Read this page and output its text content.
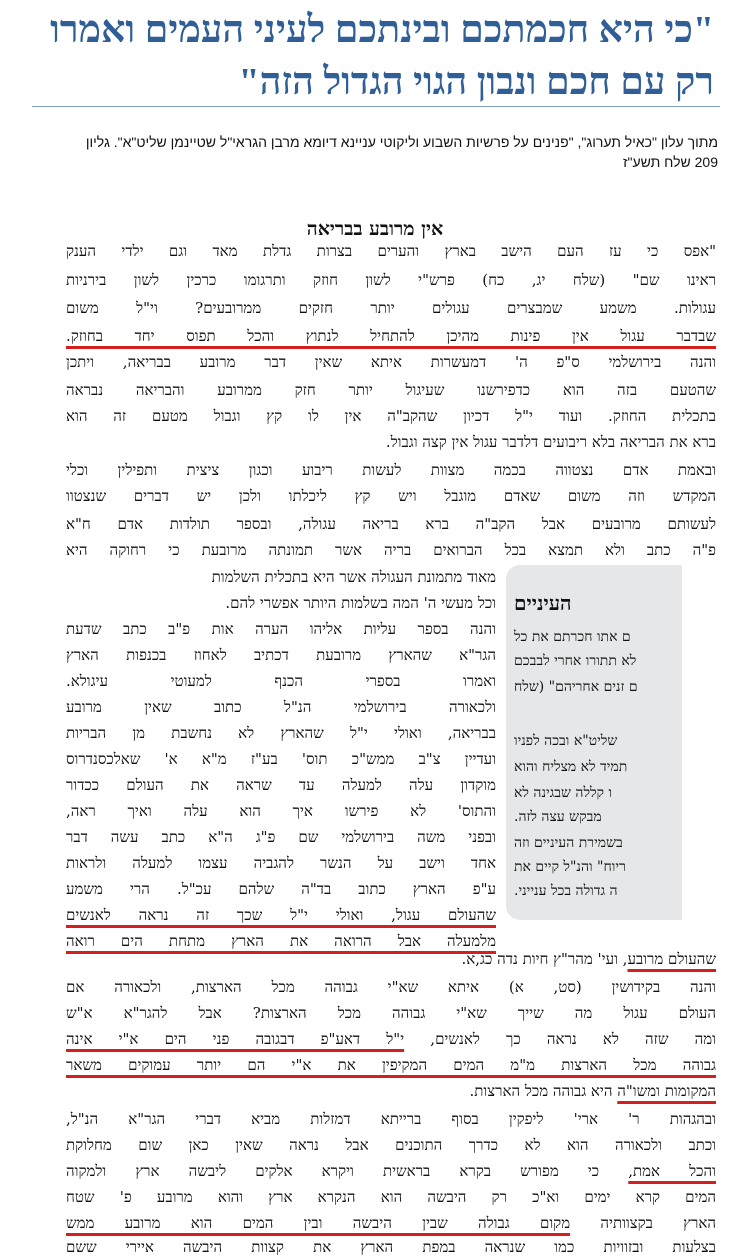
"כי היא חכמתכם ובינתכם לעיני העמים ואמרו
רק עם חכם ונבון הגוי הגדול הזה"
מתוך עלון "כאיל תערוג", "פנינים על פרשיות השבוע וליקוטי עניינא דיומא מרבן הגראי"ל שטיינמן שליט"א". גליון
209 שלח תשע"ז
אין מרובע בבריאה
העיניים
ם אתו חכרתם את כל
לא תתורו אחרי לבבכם
ם זנים אחריהם" (שלח
שליט"א ובכה לפניו
תמיד לא מצליח והוא
ו קללה שבגינה לא
מבקש עצה לזה.
בשמירת העיניים וזה
ריוח" והנ"ל קיים את
ה גדולה בכל ענייני.
"אפס כי עז העם הישב בארץ והערים בצרות גדלת מאד וגם ילדי הענק
ראינו שם" (שלח יג, כח) פרש"י לשון חוזק ותרגומו כרכין לשון בירניות
עגולות. משמע שמבצרים עגולים יותר חזקים ממרובעים? וי"ל משום
שבדבר עגול אין פינות מהיכן להתחיל לנתוץ והכל תפוס יחד בחוזק.
והנה בירושלמי ס"פ ה' דמעשרות איתא שאין דבר מרובע בבריאה, ויתכן
שהטעם בזה הוא כדפירשנו שעיגול יותר חזק ממרובע והבריאה נבראה
בתכלית החוזק. ועוד י"ל דכיון שהקב"ה אין לו קץ וגבול מטעם זה הוא
ברא את הבריאה בלא ריבועים דלדבר עגול אין קצה וגבול.
ובאמת אדם נצטווה בכמה מצוות לעשות ריבוע וכגון ציצית ותפילין וכלי
המקדש וזה משום שאדם מוגבל ויש קץ ליכלתו ולכן יש דברים שנצטוו
לעשותם מרובעים אבל הקב"ה ברא בריאה עגולה, ובספר תולדות אדם ח"א
פ"ה כתב ולא תמצא בכל הברואים בריה אשר תמונתה מרובעת כי רחוקה היא
מאוד מתמונת העגולה אשר היא בתכלית השלמות
וכל מעשי ה' המה בשלמות היותר אפשרי להם.
והנה בספר עליות אליהו הערה אות פ"ב כתב שדעת
הגר"א שהארץ מרובעת דכתיב לאחוז בכנפות הארץ
ואמרו בספרי הכנף למעוטי עיגולא.
ולכאורה בירושלמי הנ"ל כתוב שאין מרובע
בבריאה, ואולי י"ל שהארץ לא נחשבת מן הבריות
ועדיין צ"ב ממש"כ תוס' בע"ז מ"א א' שאלכסנדרוס
מוקדון עלה למעלה עד שראה את העולם ככדור
והתוס' לא פירשו איך הוא עלה ואיך ראה,
ובפני משה בירושלמי שם פ"ג ה"א כתב עשה דבר
אחד וישב על הנשר להגביה עצמו למעלה ולראות
ע"פ הארץ כתוב בד"ה שלהם עכ"ל. הרי משמע
שהעולם עגול, ואולי י"ל שכך זה נראה לאנשים
מלמעלה אבל הרואה את הארץ מתחת הים רואה
שהעולם מרובע, ועי' מהר"ץ חיות נדה כג,א.
והנה בקידושין (סט, א) איתא שא"י גבוהה מכל הארצות, ולכאורה אם
העולם עגול מה שייך שא"י גבוהה מכל הארצות? אבל להגר"א א"ש
ומה שזה לא נראה כך לאנשים, י"ל דאע"פ דבגובה פני הים א"י אינה
גבוהה מכל הארצות מ"מ המים המקיפין את א"י הם יותר עמוקים משאר
המקומות ומשו"ה היא גבוהה מכל הארצות.
ובהגהות ר' ארי' ליפקין בסוף ברייתא דמזלות מביא דברי הגר"א הנ"ל,
וכתב ולכאורה הוא לא כדרך התוכנים אבל נראה שאין כאן שום מחלוקת
והכל אמת, כי מפורש בקרא בראשית ויקרא אלקים ליבשה ארץ ולמקוה
המים קרא ימים וא"כ רק היבשה הוא הנקרא ארץ והוא מרובע פ' שטח
הארץ בקצוותיה מקום גבולה שבין היבשה ובין המים הוא מרובע ממש
בצלעות ובזוויות כמו שנראה במפת הארץ את קצוות היבשה איירי ששם
